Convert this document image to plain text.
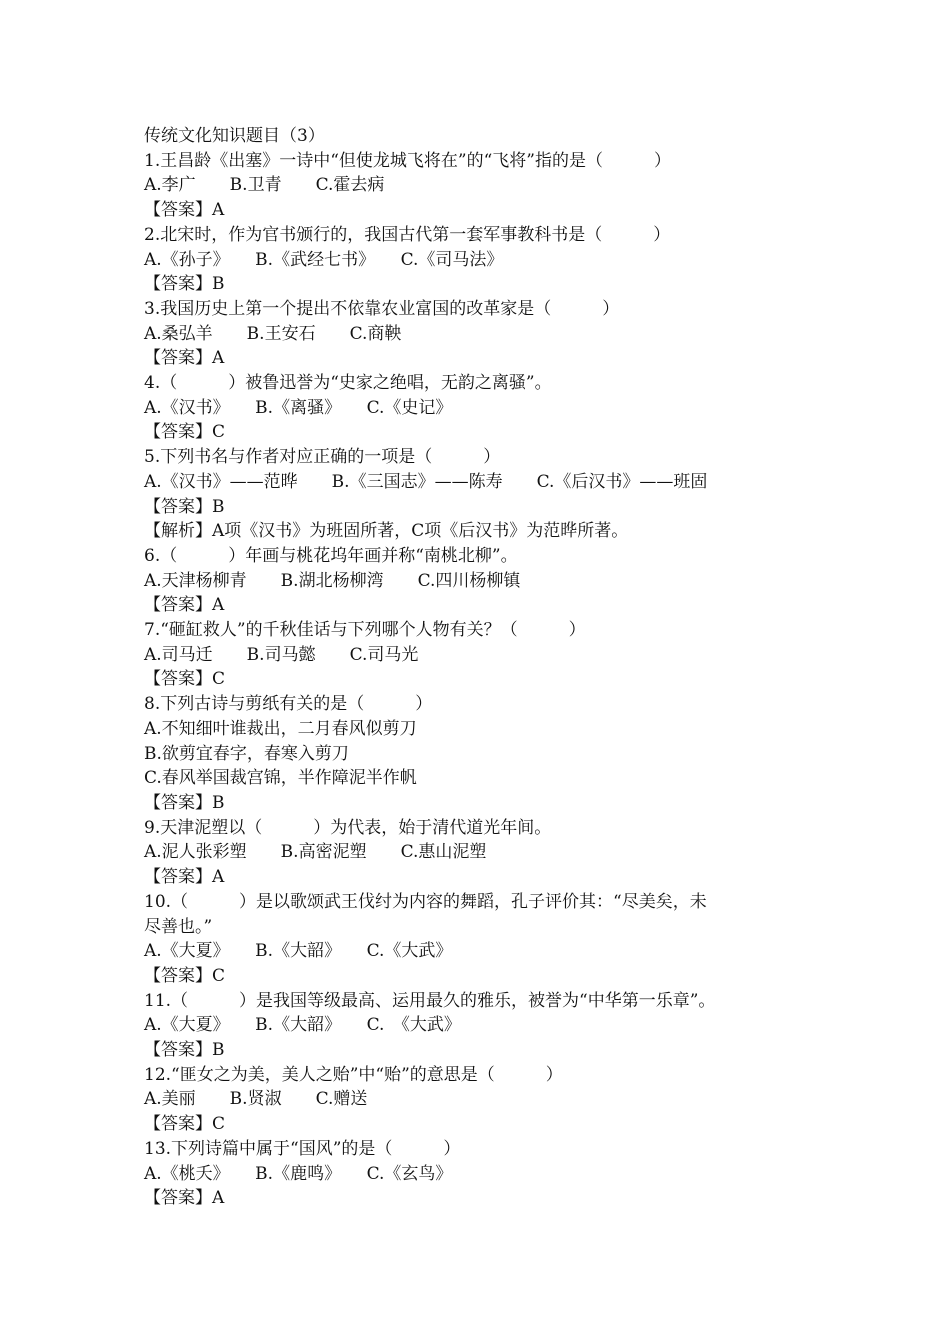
传统文化知识题目（3）
1.王昌龄《出塞》一诗中“但使龙城飞将在”的“飞将”指的是（　　　）
A.李广　　B.卫青　　C.霍去病
【答案】A
2.北宋时，作为官书颁行的，我国古代第一套军事教科书是（　　　）
A.《孙子》　　B.《武经七书》　　C.《司马法》
【答案】B
3.我国历史上第一个提出不依靠农业富国的改革家是（　　　）
A.桑弘羊　　B.王安石　　C.商鞅
【答案】A
4.（　　　）被鲁迅誉为“史家之绝唱，无韵之离骚”。
A.《汉书》　　B.《离骚》　　C.《史记》
【答案】C
5.下列书名与作者对应正确的一项是（　　　）
A.《汉书》——范晔　　B.《三国志》——陈寿　　C.《后汉书》——班固
【答案】B
【解析】A项《汉书》为班固所著，C项《后汉书》为范晔所著。
6.（　　　）年画与桃花坞年画并称“南桃北柳”。
A.天津杨柳青　　B.湖北杨柳湾　　C.四川杨柳镇
【答案】A
7.“砸缸救人”的千秋佳话与下列哪个人物有关？（　　　）
A.司马迁　　B.司马懿　　C.司马光
【答案】C
8.下列古诗与剪纸有关的是（　　　）
A.不知细叶谁裁出，二月春风似剪刀
B.欲剪宜春字，春寒入剪刀
C.春风举国裁宫锦，半作障泥半作帆
【答案】B
9.天津泥塑以（　　　）为代表，始于清代道光年间。
A.泥人张彩塑　　B.高密泥塑　　C.惠山泥塑
【答案】A
10.（　　　）是以歌颂武王伐纣为内容的舞蹈，孔子评价其：“尽美矣，未
尽善也。”
A.《大夏》　　B.《大韶》　　C.《大武》
【答案】C
11.（　　　）是我国等级最高、运用最久的雅乐，被誉为“中华第一乐章”。
A.《大夏》　　B.《大韶》　　C.　《大武》
【答案】B
12.“匪女之为美，美人之贻”中“贻”的意思是（　　　）
A.美丽　　B.贤淑　　C.赠送
【答案】C
13.下列诗篇中属于“国风”的是（　　　）
A.《桃夭》　　B.《鹿鸣》　　C.《玄鸟》
【答案】A
